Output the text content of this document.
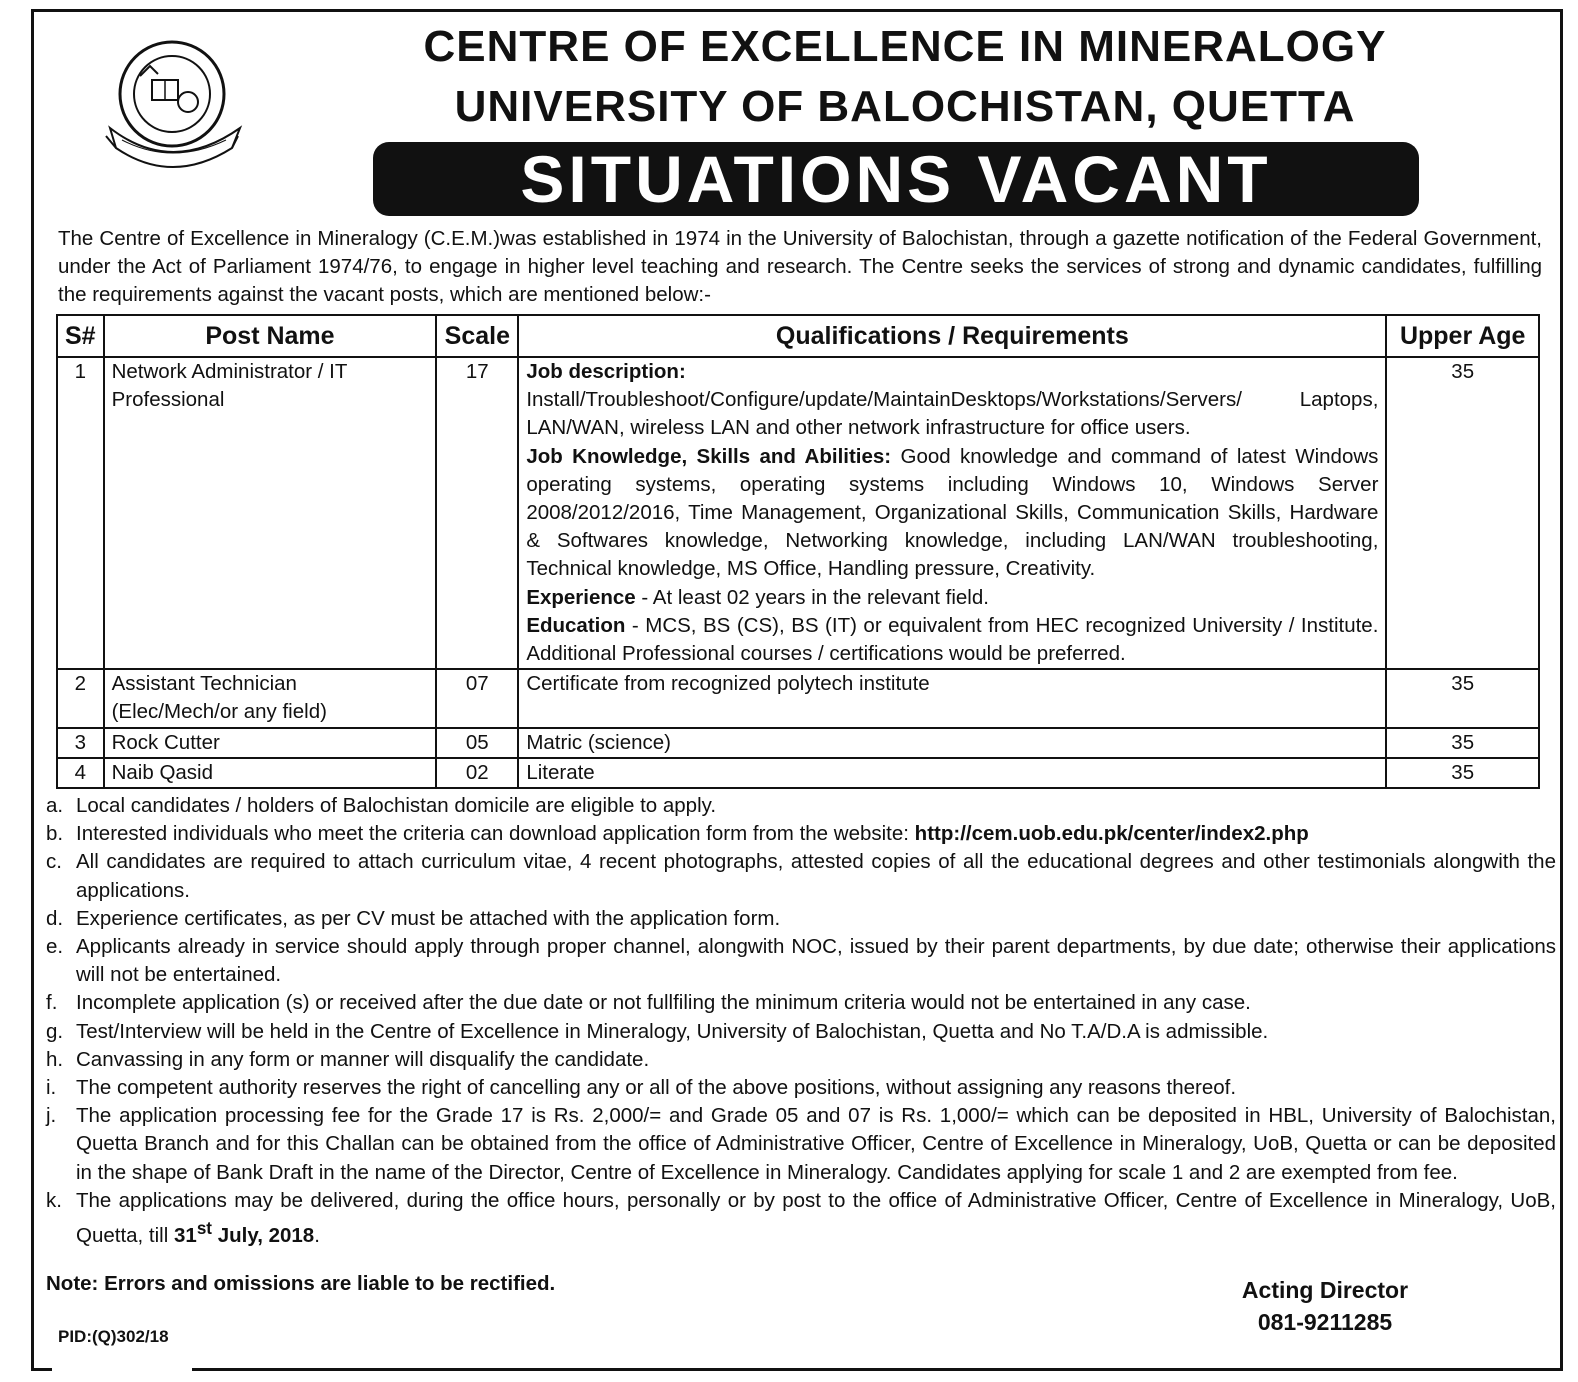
CENTRE OF EXCELLENCE IN MINERALOGY
UNIVERSITY OF BALOCHISTAN, QUETTA
SITUATIONS VACANT
The Centre of Excellence in Mineralogy (C.E.M.)was established in 1974 in the University of Balochistan, through a gazette notification of the Federal Government, under the Act of Parliament 1974/76, to engage in higher level teaching and research. The Centre seeks the services of strong and dynamic candidates, fulfilling the requirements against the vacant posts, which are mentioned below:-
S#	Post Name	Scale	Qualifications / Requirements	Upper Age
1	Network Administrator / IT Professional	17	Job description:
Install/Troubleshoot/Configure/update/MaintainDesktops/Workstations/Servers/ Laptops, LAN/WAN, wireless LAN and other network infrastructure for office users.
Job Knowledge, Skills and Abilities: Good knowledge and command of latest Windows operating systems, operating systems including Windows 10, Windows Server 2008/2012/2016, Time Management, Organizational Skills, Communication Skills, Hardware & Softwares knowledge, Networking knowledge, including LAN/WAN troubleshooting, Technical knowledge, MS Office, Handling pressure, Creativity.
Experience - At least 02 years in the relevant field.
Education - MCS, BS (CS), BS (IT) or equivalent from HEC recognized University / Institute. Additional Professional courses / certifications would be preferred.	35
2	Assistant Technician
(Elec/Mech/or any field)	07	Certificate from recognized polytech institute	35
3	Rock Cutter	05	Matric (science)	35
4	Naib Qasid	02	Literate	35
a. Local candidates / holders of Balochistan domicile are eligible to apply.
b. Interested individuals who meet the criteria can download application form from the website: http://cem.uob.edu.pk/center/index2.php
c. All candidates are required to attach curriculum vitae, 4 recent photographs, attested copies of all the educational degrees and other testimonials alongwith the applications.
d. Experience certificates, as per CV must be attached with the application form.
e. Applicants already in service should apply through proper channel, alongwith NOC, issued by their parent departments, by due date; otherwise their applications will not be entertained.
f. Incomplete application (s) or received after the due date or not fullfiling the minimum criteria would not be entertained in any case.
g. Test/Interview will be held in the Centre of Excellence in Mineralogy, University of Balochistan, Quetta and No T.A/D.A is admissible.
h. Canvassing in any form or manner will disqualify the candidate.
i. The competent authority reserves the right of cancelling any or all of the above positions, without assigning any reasons thereof.
j. The application processing fee for the Grade 17 is Rs. 2,000/= and Grade 05 and 07 is Rs. 1,000/= which can be deposited in HBL, University of Balochistan, Quetta Branch and for this Challan can be obtained from the office of Administrative Officer, Centre of Excellence in Mineralogy, UoB, Quetta or can be deposited in the shape of Bank Draft in the name of the Director, Centre of Excellence in Mineralogy. Candidates applying for scale 1 and 2 are exempted from fee.
k. The applications may be delivered, during the office hours, personally or by post to the office of Administrative Officer, Centre of Excellence in Mineralogy, UoB, Quetta, till 31st July, 2018.
Note: Errors and omissions are liable to be rectified.	Acting Director
081-9211285
PID:(Q)302/18
